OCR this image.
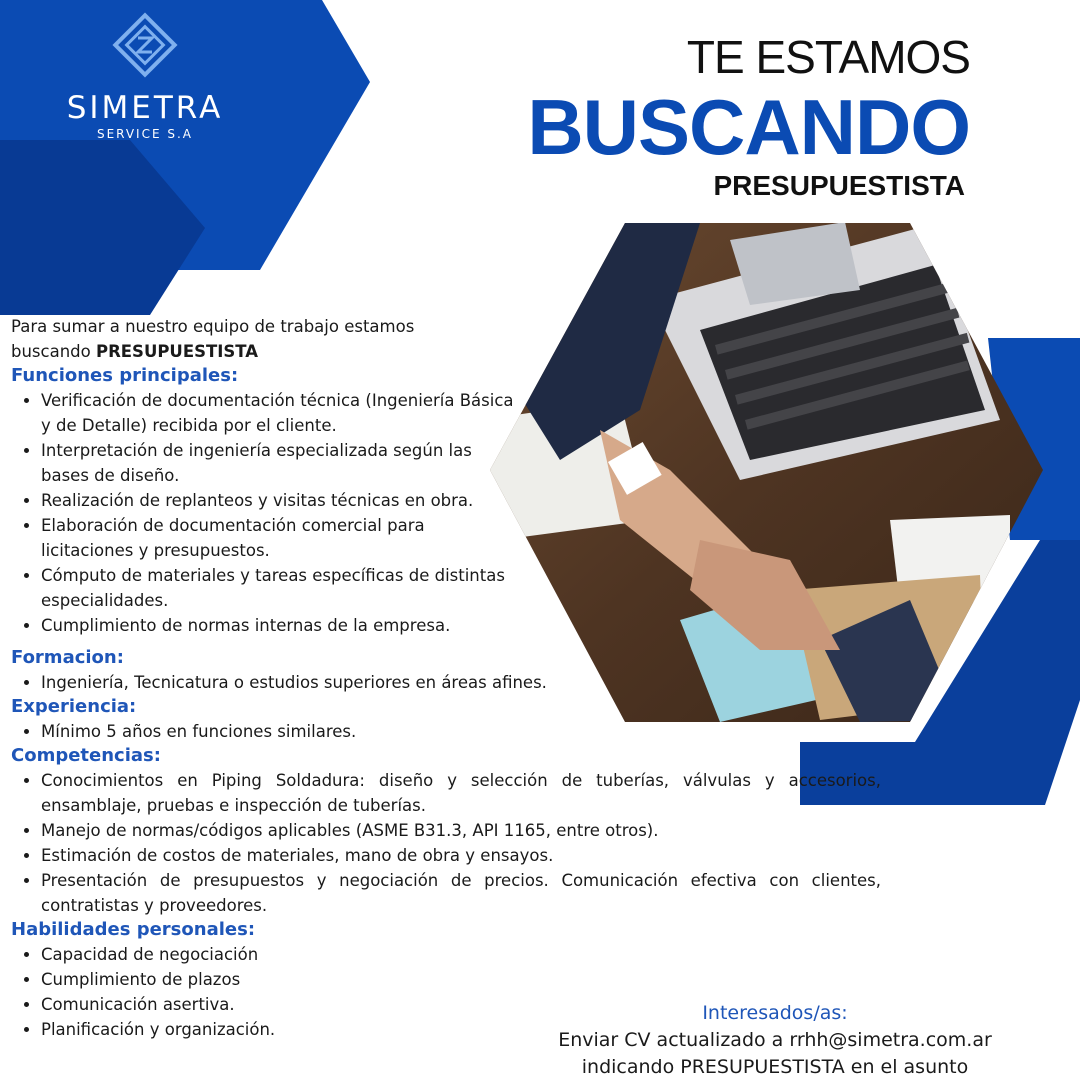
SIMETRA
SERVICE S.A
TE ESTAMOS
BUSCANDO
PRESUPUESTISTA

Para sumar a nuestro equipo de trabajo estamos buscando PRESUPUESTISTA

Funciones principales:
• Verificación de documentación técnica (Ingeniería Básica y de Detalle) recibida por el cliente.
• Interpretación de ingeniería especializada según las bases de diseño.
• Realización de replanteos y visitas técnicas en obra.
• Elaboración de documentación comercial para licitaciones y presupuestos.
• Cómputo de materiales y tareas específicas de distintas especialidades.
• Cumplimiento de normas internas de la empresa.
Formacion:
• Ingeniería, Tecnicatura o estudios superiores en áreas afines.
Experiencia:
• Mínimo 5 años en funciones similares.
Competencias:
• Conocimientos en Piping Soldadura: diseño y selección de tuberías, válvulas y accesorios, ensamblaje, pruebas e inspección de tuberías.
• Manejo de normas/códigos aplicables (ASME B31.3, API 1165, entre otros).
• Estimación de costos de materiales, mano de obra y ensayos.
• Presentación de presupuestos y negociación de precios. Comunicación efectiva con clientes, contratistas y proveedores.
Habilidades personales:
• Capacidad de negociación
• Cumplimiento de plazos
• Comunicación asertiva.
• Planificación y organización.
Interesados/as:
Enviar CV actualizado a rrhh@simetra.com.ar
indicando PRESUPUESTISTA en el asunto
